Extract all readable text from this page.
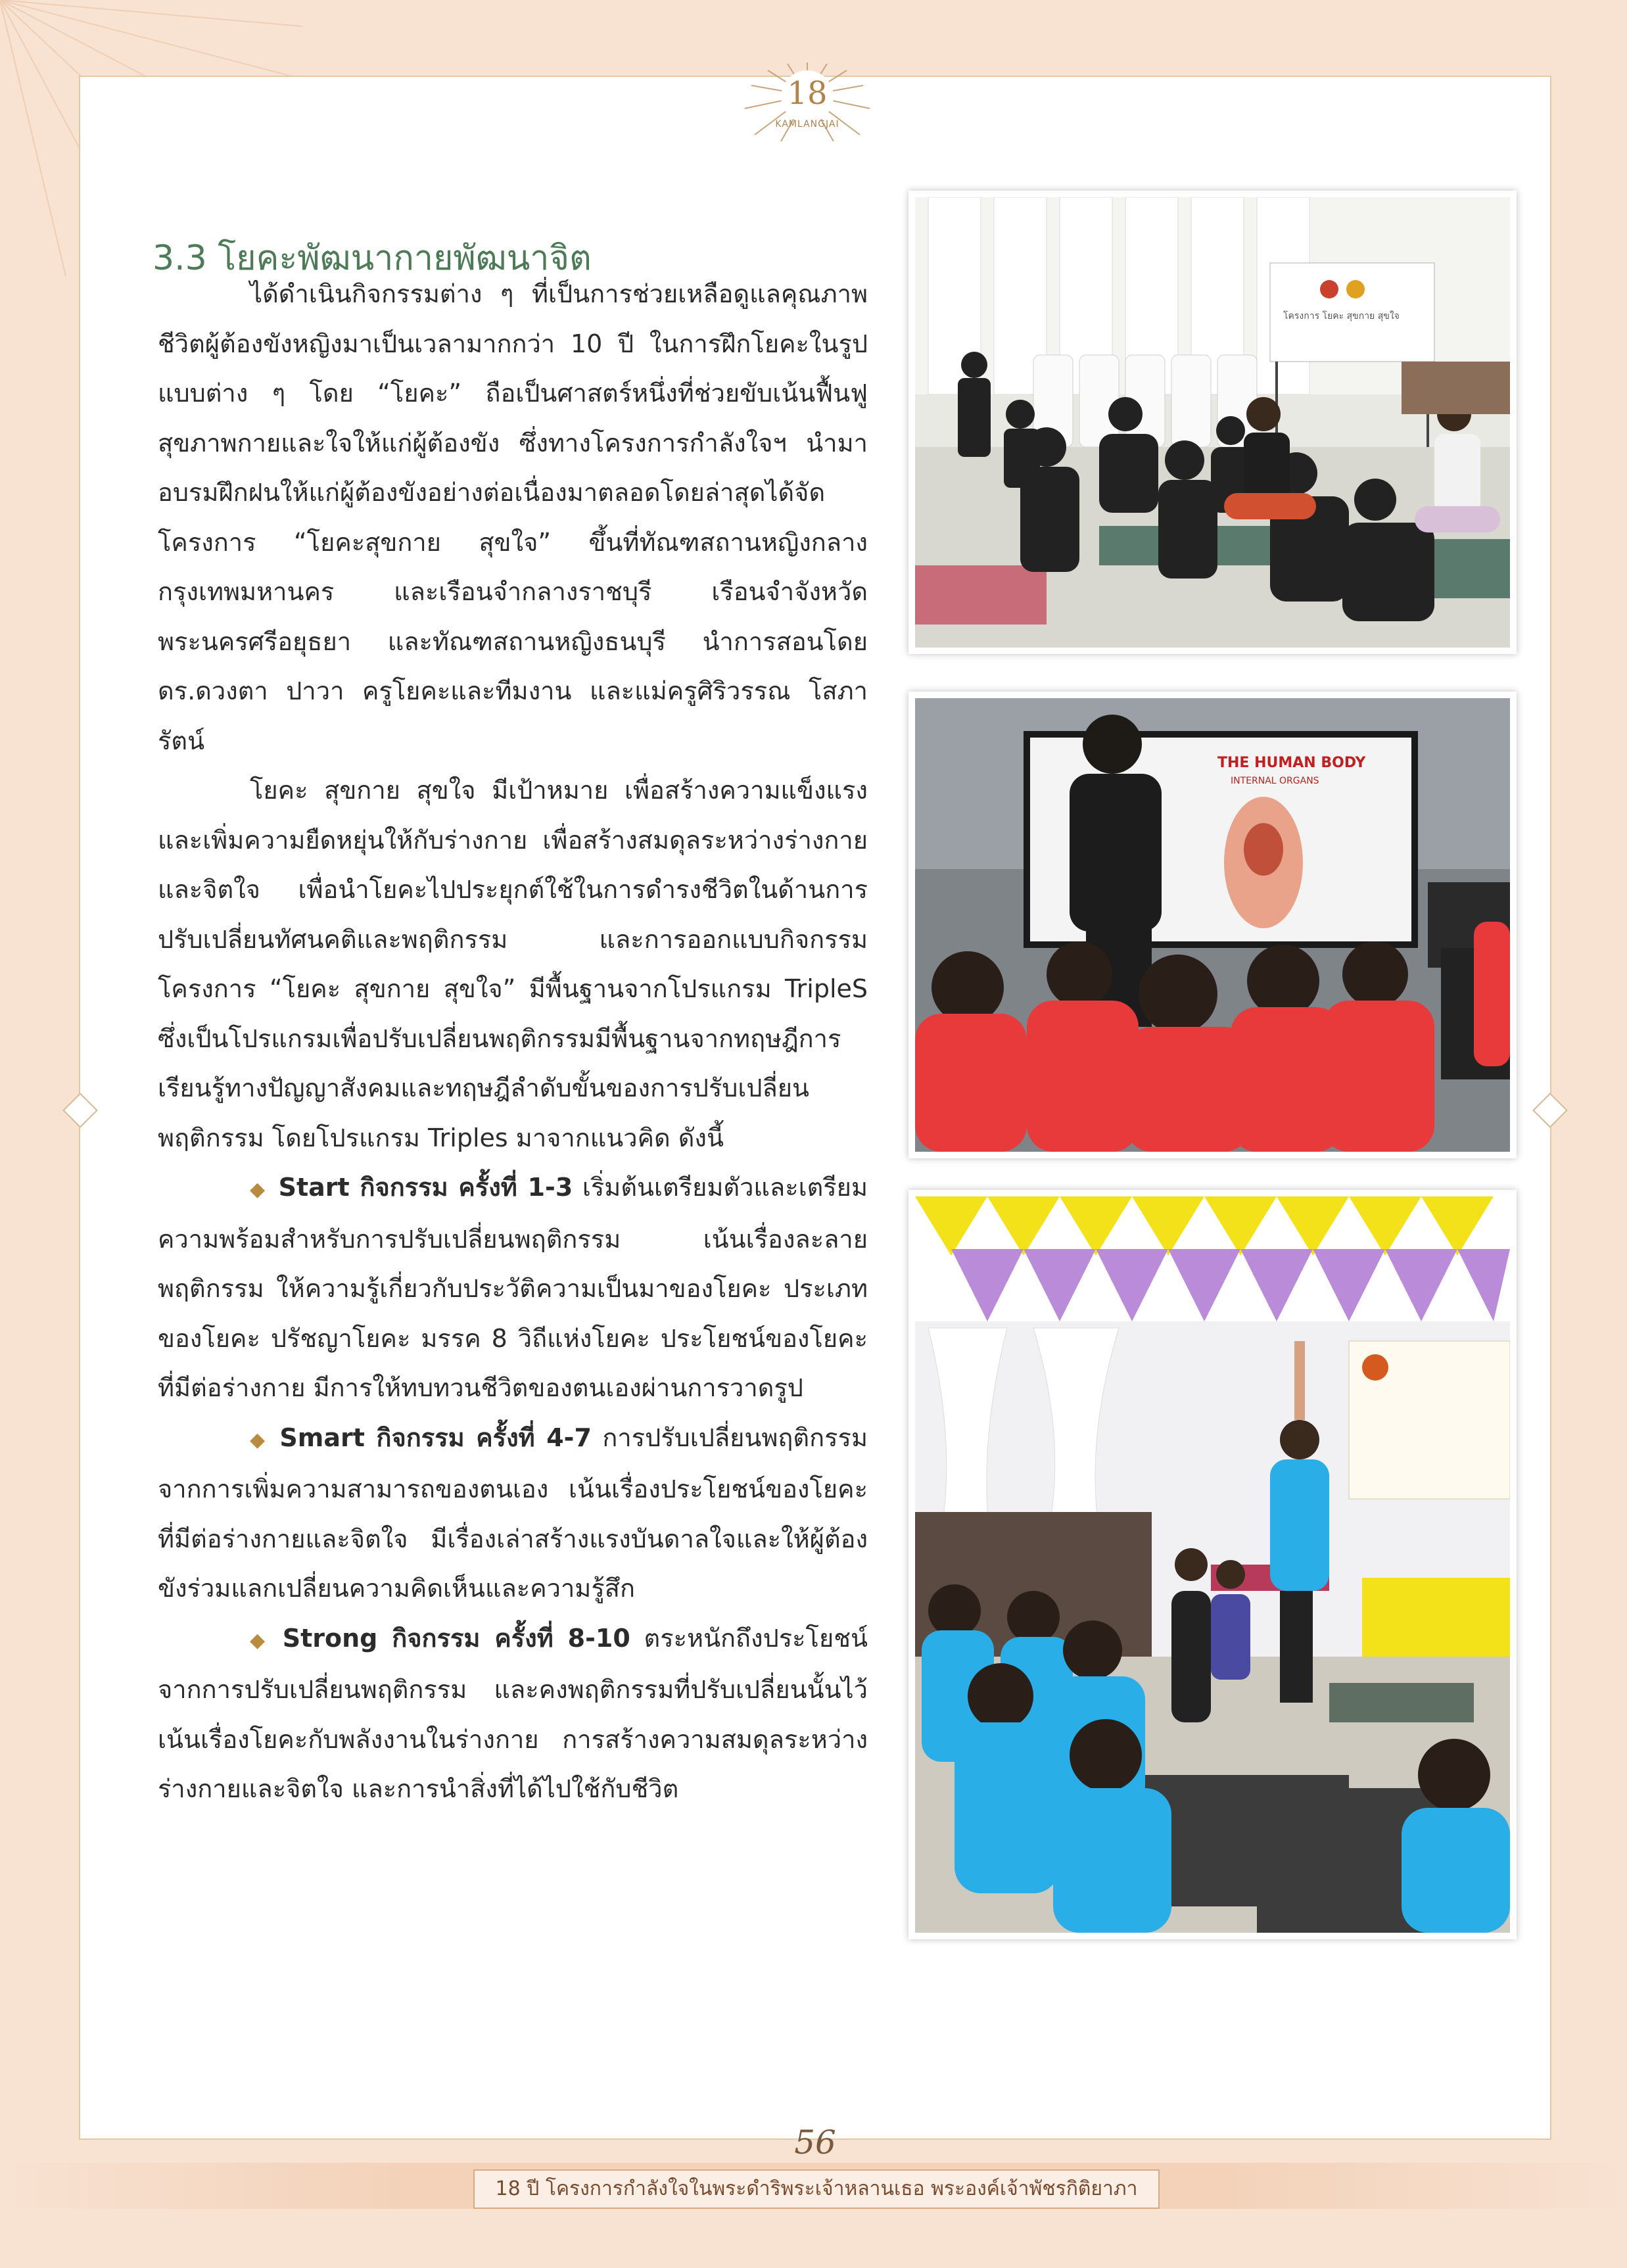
18
KAMLANGJAI
3.3 โยคะพัฒนากายพัฒนาจิต

ได้ดำเนินกิจกรรมต่าง ๆ ที่เป็นการช่วยเหลือดูแลคุณภาพชีวิตผู้ต้องขังหญิงมาเป็นเวลามากกว่า 10 ปี ในการฝึกโยคะในรูปแบบต่าง ๆ โดย “โยคะ” ถือเป็นศาสตร์หนึ่งที่ช่วยขับเน้นฟื้นฟูสุขภาพกายและใจให้แก่ผู้ต้องขัง ซึ่งทางโครงการกำลังใจฯ นำมาอบรมฝึกฝนให้แก่ผู้ต้องขังอย่างต่อเนื่องมาตลอดโดยล่าสุดได้จัดโครงการ “โยคะสุขกาย สุขใจ” ขึ้นที่ทัณฑสถานหญิงกลาง กรุงเทพมหานคร และเรือนจำกลางราชบุรี เรือนจำจังหวัดพระนครศรีอยุธยา และทัณฑสถานหญิงธนบุรี นำการสอนโดย ดร.ดวงตา ปาวา ครูโยคะและทีมงาน และแม่ครูศิริวรรณ โสภารัตน์

โยคะ สุขกาย สุขใจ มีเป้าหมาย เพื่อสร้างความแข็งแรงและเพิ่มความยืดหยุ่นให้กับร่างกาย เพื่อสร้างสมดุลระหว่างร่างกายและจิตใจ เพื่อนำโยคะไปประยุกต์ใช้ในการดำรงชีวิตในด้านการปรับเปลี่ยนทัศนคติและพฤติกรรม และการออกแบบกิจกรรมโครงการ “โยคะ สุขกาย สุขใจ” มีพื้นฐานจากโปรแกรม TripleS ซึ่งเป็นโปรแกรมเพื่อปรับเปลี่ยนพฤติกรรมมีพื้นฐานจากทฤษฎีการเรียนรู้ทางปัญญาสังคมและทฤษฎีลำดับขั้นของการปรับเปลี่ยนพฤติกรรม โดยโปรแกรม Triples มาจากแนวคิด ดังนี้

◆ Start กิจกรรม ครั้งที่ 1-3 เริ่มต้นเตรียมตัวและเตรียมความพร้อมสำหรับการปรับเปลี่ยนพฤติกรรม เน้นเรื่องละลายพฤติกรรม ให้ความรู้เกี่ยวกับประวัติความเป็นมาของโยคะ ประเภทของโยคะ ปรัชญาโยคะ มรรค 8 วิถีแห่งโยคะ ประโยชน์ของโยคะที่มีต่อร่างกาย มีการให้ทบทวนชีวิตของตนเองผ่านการวาดรูป

◆ Smart กิจกรรม ครั้งที่ 4-7 การปรับเปลี่ยนพฤติกรรมจากการเพิ่มความสามารถของตนเอง เน้นเรื่องประโยชน์ของโยคะที่มีต่อร่างกายและจิตใจ มีเรื่องเล่าสร้างแรงบันดาลใจและให้ผู้ต้องขังร่วมแลกเปลี่ยนความคิดเห็นและความรู้สึก

◆ Strong กิจกรรม ครั้งที่ 8-10 ตระหนักถึงประโยชน์จากการปรับเปลี่ยนพฤติกรรม และคงพฤติกรรมที่ปรับเปลี่ยนนั้นไว้ เน้นเรื่องโยคะกับพลังงานในร่างกาย การสร้างความสมดุลระหว่างร่างกายและจิตใจ และการนำสิ่งที่ได้ไปใช้กับชีวิต

โครงการ โยคะ สุขกาย สุขใจ
THE HUMAN BODY
INTERNAL ORGANS
56
18 ปี โครงการกำลังใจในพระดำริพระเจ้าหลานเธอ พระองค์เจ้าพัชรกิติยาภา
